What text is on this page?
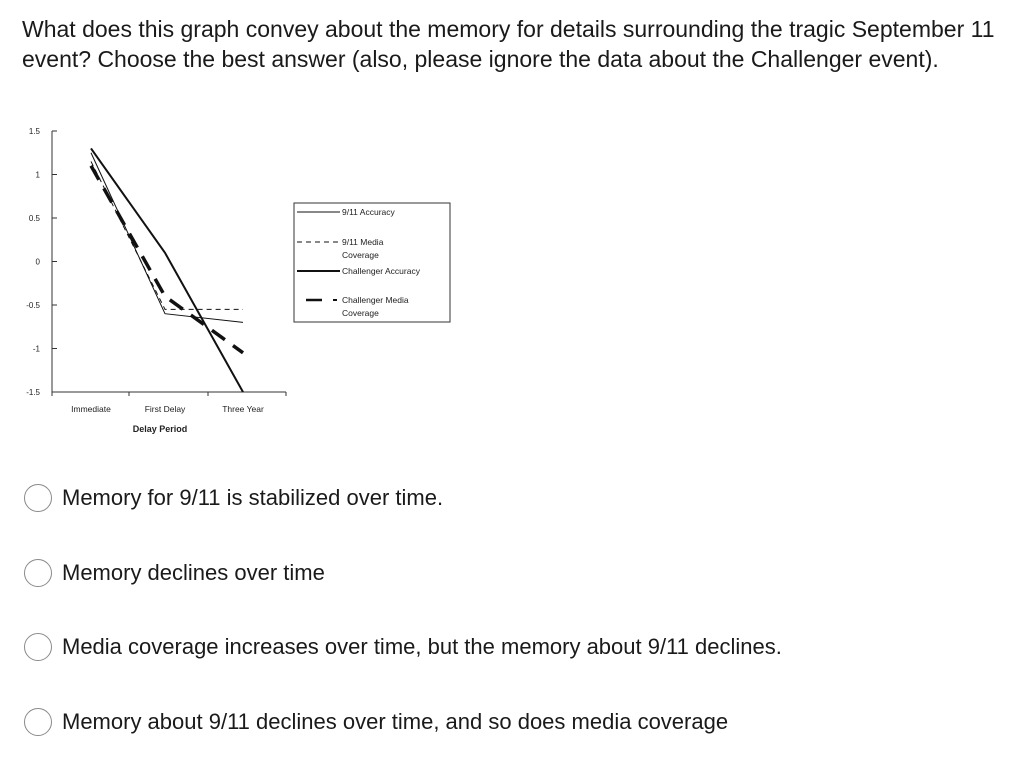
What does this graph convey about the memory for details surrounding the tragic September 11 event? Choose the best answer (also, please ignore the data about the Challenger event).

1.5
1
0.5
0
-0.5
-1
-1.5
Immediate	First Delay	Three Year
Delay Period
9/11 Accuracy
9/11 Media
Coverage
Challenger Accuracy
Challenger Media
Coverage
Memory for 9/11 is stabilized over time.
Memory declines over time
Media coverage increases over time, but the memory about 9/11 declines.
Memory about 9/11 declines over time, and so does media coverage
